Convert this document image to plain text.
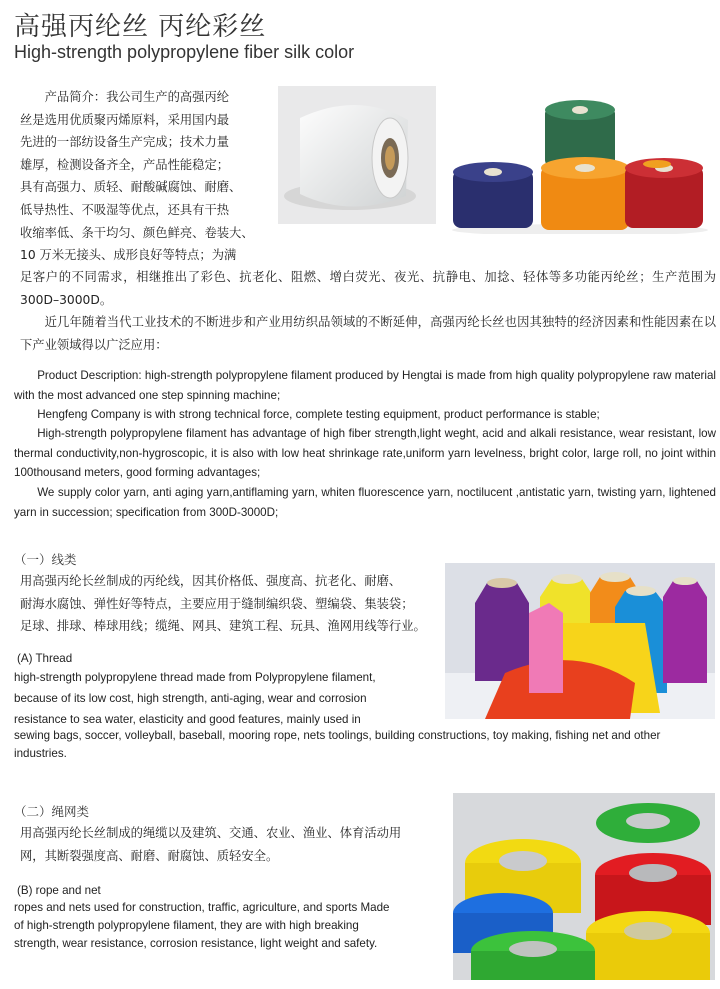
高强丙纶丝 丙纶彩丝
High-strength polypropylene fiber silk color
产品简介：我公司生产的高强丙纶
丝是选用优质聚丙烯原料，采用国内最
先进的一部纺设备生产完成；技术力量
雄厚，检测设备齐全，产品性能稳定；
具有高强力、质轻、耐酸碱腐蚀、耐磨、
低导热性、不吸湿等优点，还具有干热
收缩率低、条干均匀、颜色鲜亮、卷装大、
10 万米无接头、成形良好等特点；为满
足客户的不同需求，相继推出了彩色、抗老化、阻燃、增白荧光、夜光、抗静电、加捻、轻体等多功能丙纶丝；生产范围为 300D–3000D。
近几年随着当代工业技术的不断进步和产业用纺织品领域的不断延伸，高强丙纶长丝也因其独特的经济因素和性能因素在以下产业领域得以广泛应用：
Product Description: high-strength polypropylene filament produced by Hengtai is made from high quality polypropylene raw material with the most advanced one step spinning machine;
Hengfeng Company is with strong technical force, complete testing equipment, product performance is stable;
High-strength polypropylene filament has advantage of high fiber strength,light weght, acid and alkali resistance, wear resistant, low thermal conductivity,non-hygroscopic, it is also with low heat shrinkage rate,uniform yarn levelness, bright color, large roll, no joint within 100thousand meters, good forming advantages;
We supply color yarn, anti aging yarn,antiflaming yarn, whiten fluorescence yarn, noctilucent ,antistatic yarn, twisting yarn, lightened yarn in succession; specification from 300D-3000D;
（一）线类
用高强丙纶长丝制成的丙纶线，因其价格低、强度高、抗老化、耐磨、
耐海水腐蚀、弹性好等特点，主要应用于缝制编织袋、塑编袋、集装袋；
足球、排球、棒球用线；缆绳、网具、建筑工程、玩具、渔网用线等行业。
(A) Thread
high-strength polypropylene thread made from Polypropylene filament,
because of its low cost, high strength, anti-aging, wear and corrosion
resistance to sea water, elasticity and good features, mainly used in
sewing bags, soccer, volleyball, baseball, mooring rope, nets toolings, building constructions, toy making, fishing net and other industries.
（二）绳网类
用高强丙纶长丝制成的绳缆以及建筑、交通、农业、渔业、体育活动用
网，其断裂强度高、耐磨、耐腐蚀、质轻安全。
(B) rope and net
ropes and nets used for construction, traffic, agriculture, and sports Made
of high-strength polypropylene filament, they are with high breaking
strength, wear resistance, corrosion resistance, light weight and safety.
